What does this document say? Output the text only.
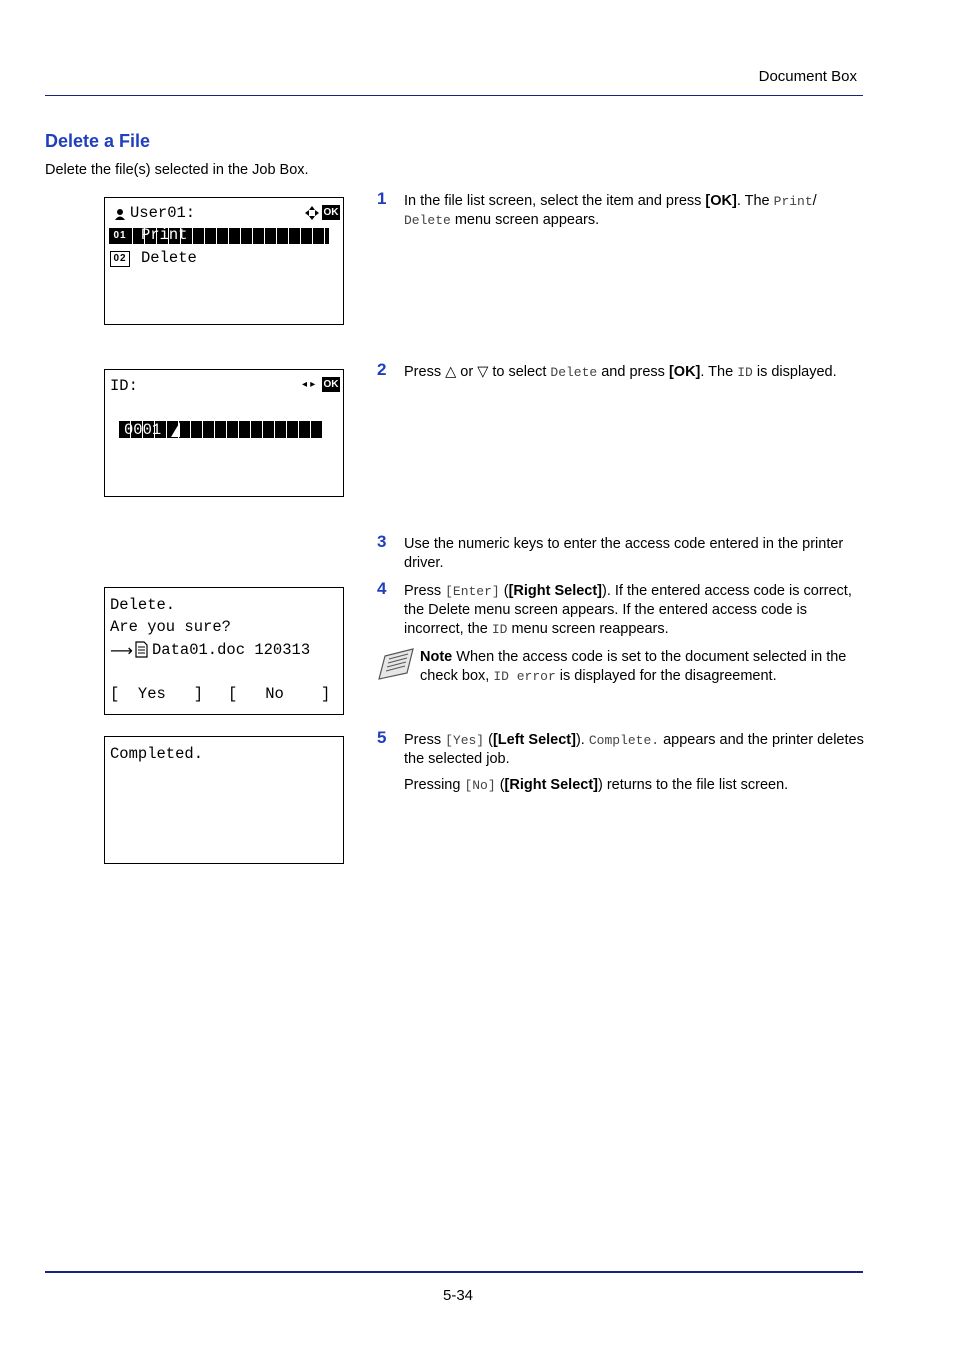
Document Box
Delete a File
Delete the file(s) selected in the Job Box.
User01:	OK
01 Print
02 Delete
ID:	◂ ▸ OK
0001
Delete.
Are you sure?
⟶ Data01.doc 120313
[  Yes   ] [   No    ]
Completed.
1 In the file list screen, select the item and press [OK]. The Print/
Delete menu screen appears.
2 Press △ or ▽ to select Delete and press [OK]. The ID is displayed.
3 Use the numeric keys to enter the access code entered in the printer driver.
4 Press [Enter] ([Right Select]). If the entered access code is correct, the Delete menu screen appears. If the entered access code is incorrect, the ID menu screen reappears.
Note When the access code is set to the document selected in the check box, ID error is displayed for the disagreement.
5 Press [Yes] ([Left Select]). Complete. appears and the printer deletes the selected job.
Pressing [No] ([Right Select]) returns to the file list screen.
5-34
